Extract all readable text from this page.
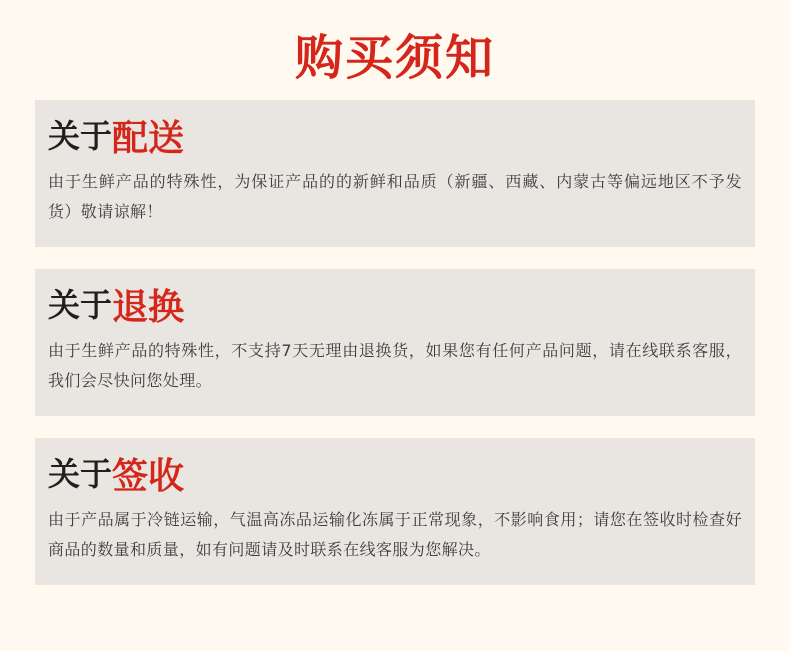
购买须知
关于配送

由于生鲜产品的特殊性，为保证产品的的新鲜和品质（新疆、西藏、内蒙古等偏远地区不予发货）敬请谅解！

关于退换

由于生鲜产品的特殊性，不支持7天无理由退换货，如果您有任何产品问题，请在线联系客服，我们会尽快问您处理。

关于签收

由于产品属于冷链运输，气温高冻品运输化冻属于正常现象，不影响食用；请您在签收时检查好商品的数量和质量，如有问题请及时联系在线客服为您解决。
